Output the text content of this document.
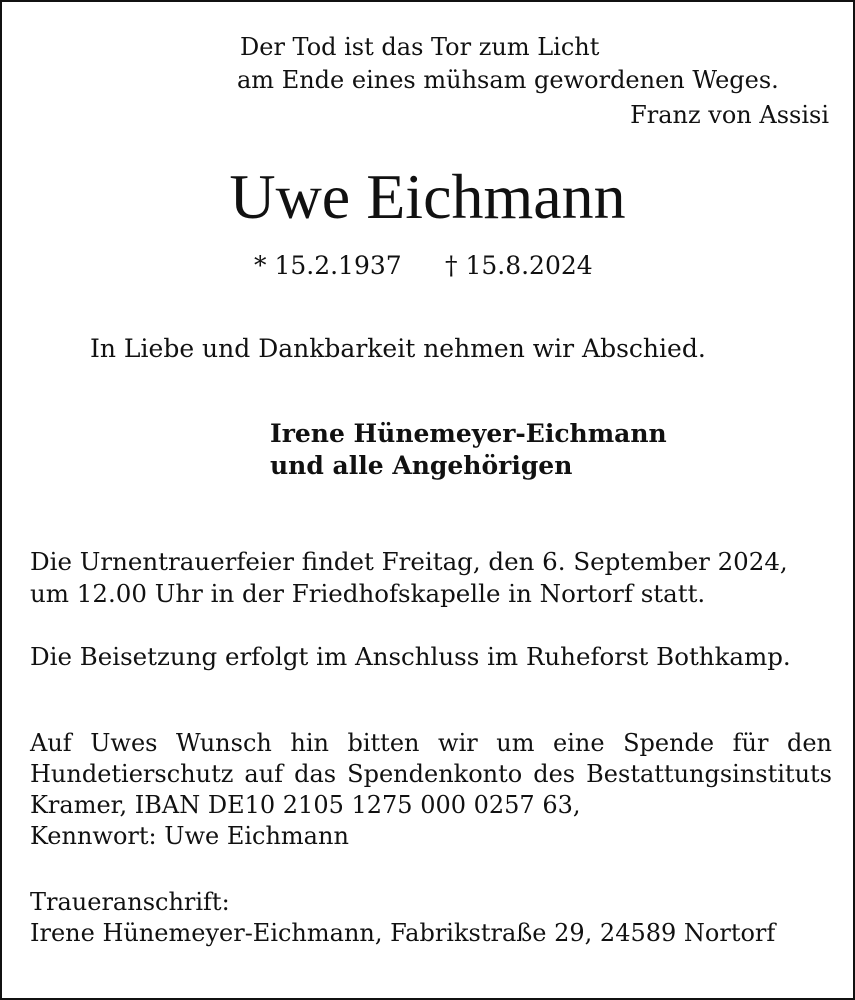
Der Tod ist das Tor zum Licht
am Ende eines mühsam gewordenen Weges.
Franz von Assisi
Uwe Eichmann
* 15.2.1937 † 15.8.2024
In Liebe und Dankbarkeit nehmen wir Abschied.
Irene Hünemeyer-Eichmann
und alle Angehörigen
Die Urnentrauerfeier findet Freitag, den 6. September 2024,
um 12.00 Uhr in der Friedhofskapelle in Nortorf statt.
Die Beisetzung erfolgt im Anschluss im Ruheforst Bothkamp.
Auf Uwes Wunsch hin bitten wir um eine Spende für den
Hundetierschutz auf das Spendenkonto des Bestattungsinstituts
Kramer, IBAN DE10 2105 1275 000 0257 63,
Kennwort: Uwe Eichmann
Traueranschrift:
Irene Hünemeyer-Eichmann, Fabrikstraße 29, 24589 Nortorf
